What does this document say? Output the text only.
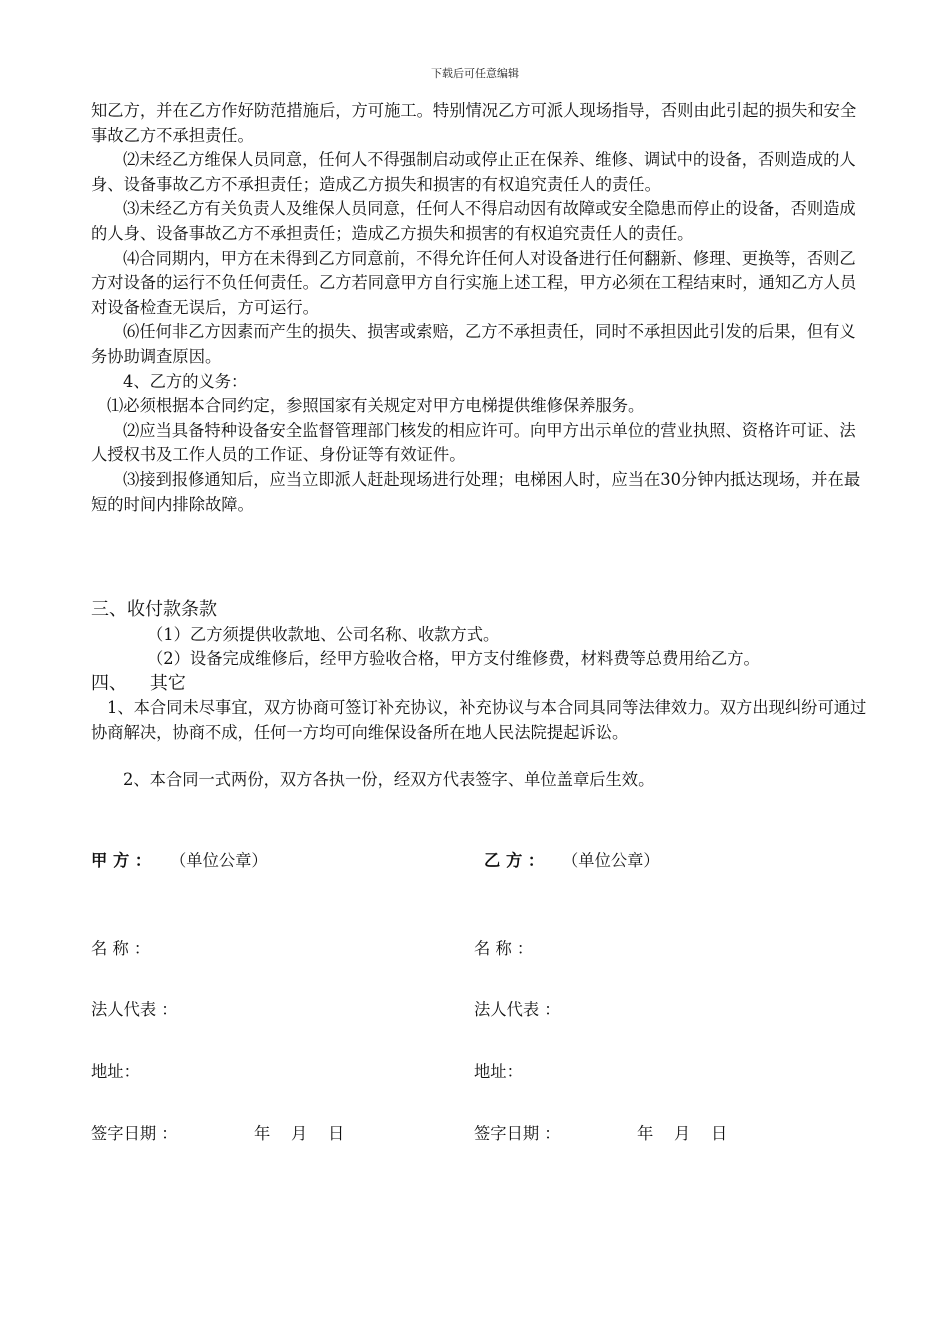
下载后可任意编辑

知乙方，并在乙方作好防范措施后，方可施工。特别情况乙方可派人现场指导，否则由此引起的损失和安全事故乙方不承担责任。

⑵未经乙方维保人员同意，任何人不得强制启动或停止正在保养、维修、调试中的设备，否则造成的人身、设备事故乙方不承担责任；造成乙方损失和损害的有权追究责任人的责任。

⑶未经乙方有关负责人及维保人员同意，任何人不得启动因有故障或安全隐患而停止的设备，否则造成的人身、设备事故乙方不承担责任；造成乙方损失和损害的有权追究责任人的责任。

⑷合同期内，甲方在未得到乙方同意前，不得允许任何人对设备进行任何翻新、修理、更换等，否则乙方对设备的运行不负任何责任。乙方若同意甲方自行实施上述工程，甲方必须在工程结束时，通知乙方人员对设备检查无误后，方可运行。

⑹任何非乙方因素而产生的损失、损害或索赔，乙方不承担责任，同时不承担因此引发的后果，但有义务协助调查原因。

4、乙方的义务：

⑴必须根据本合同约定，参照国家有关规定对甲方电梯提供维修保养服务。

⑵应当具备特种设备安全监督管理部门核发的相应许可。向甲方出示单位的营业执照、资格许可证、法人授权书及工作人员的工作证、身份证等有效证件。

⑶接到报修通知后，应当立即派人赶赴现场进行处理；电梯困人时，应当在30分钟内抵达现场，并在最短的时间内排除故障。

三、收付款条款

（1）乙方须提供收款地、公司名称、收款方式。

（2）设备完成维修后，经甲方验收合格，甲方支付维修费，材料费等总费用给乙方。

四、    其它

1、本合同未尽事宜，双方协商可签订补充协议，补充协议与本合同具同等法律效力。双方出现纠纷可通过协商解决，协商不成，任何一方均可向维保设备所在地人民法院提起诉讼。

2、本合同一式两份，双方各执一份，经双方代表签字、单位盖章后生效。

甲 方 ： （单位公章）	乙 方 ： （单位公章）
名 称 ：	名 称 ：
法人代表 ：	法人代表 ：
地址：	地址：
签字日期 ：	年    月    日	签字日期 ：	年    月    日
